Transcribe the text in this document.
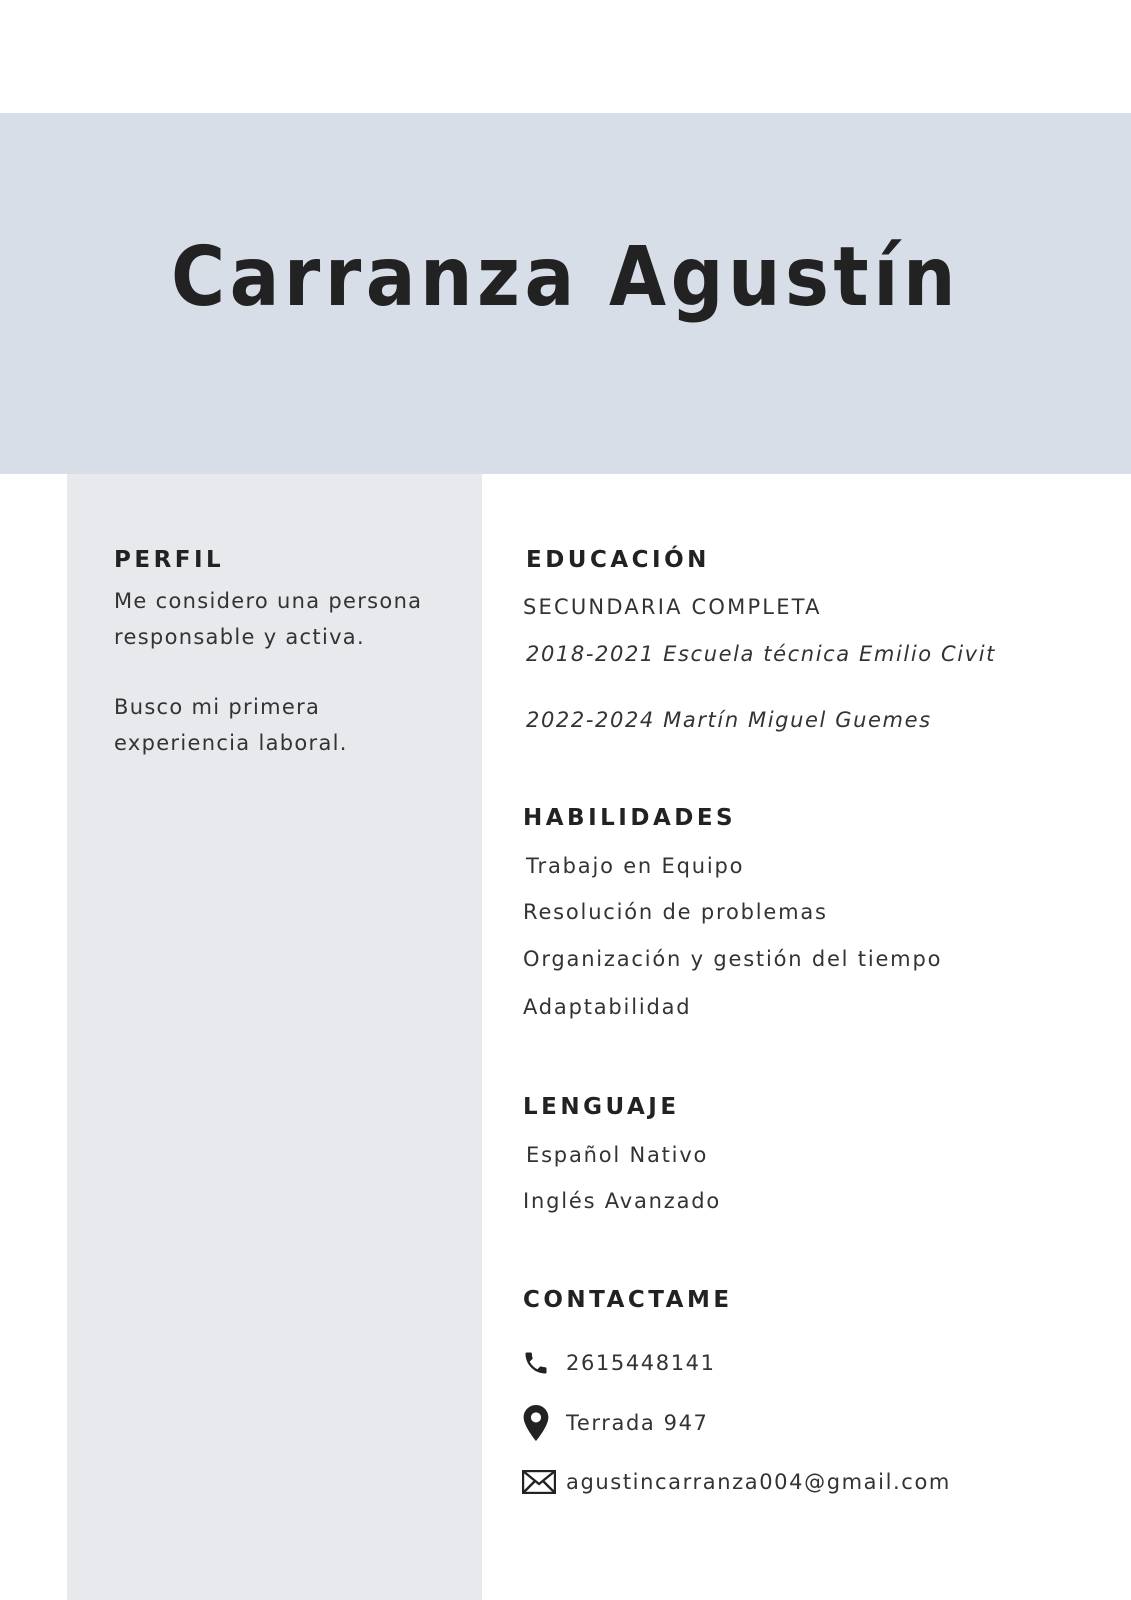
Carranza Agustín
PERFIL

Me considero una persona responsable y activa.

Busco mi primera experiencia laboral.

EDUCACIÓN
SECUNDARIA COMPLETA
2018-2021 Escuela técnica Emilio Civit
2022-2024 Martín Miguel Guemes
HABILIDADES
Trabajo en Equipo
Resolución de problemas
Organización y gestión del tiempo
Adaptabilidad
LENGUAJE
Español Nativo
Inglés Avanzado
CONTACTAME
2615448141
Terrada 947
agustincarranza004@gmail.com
